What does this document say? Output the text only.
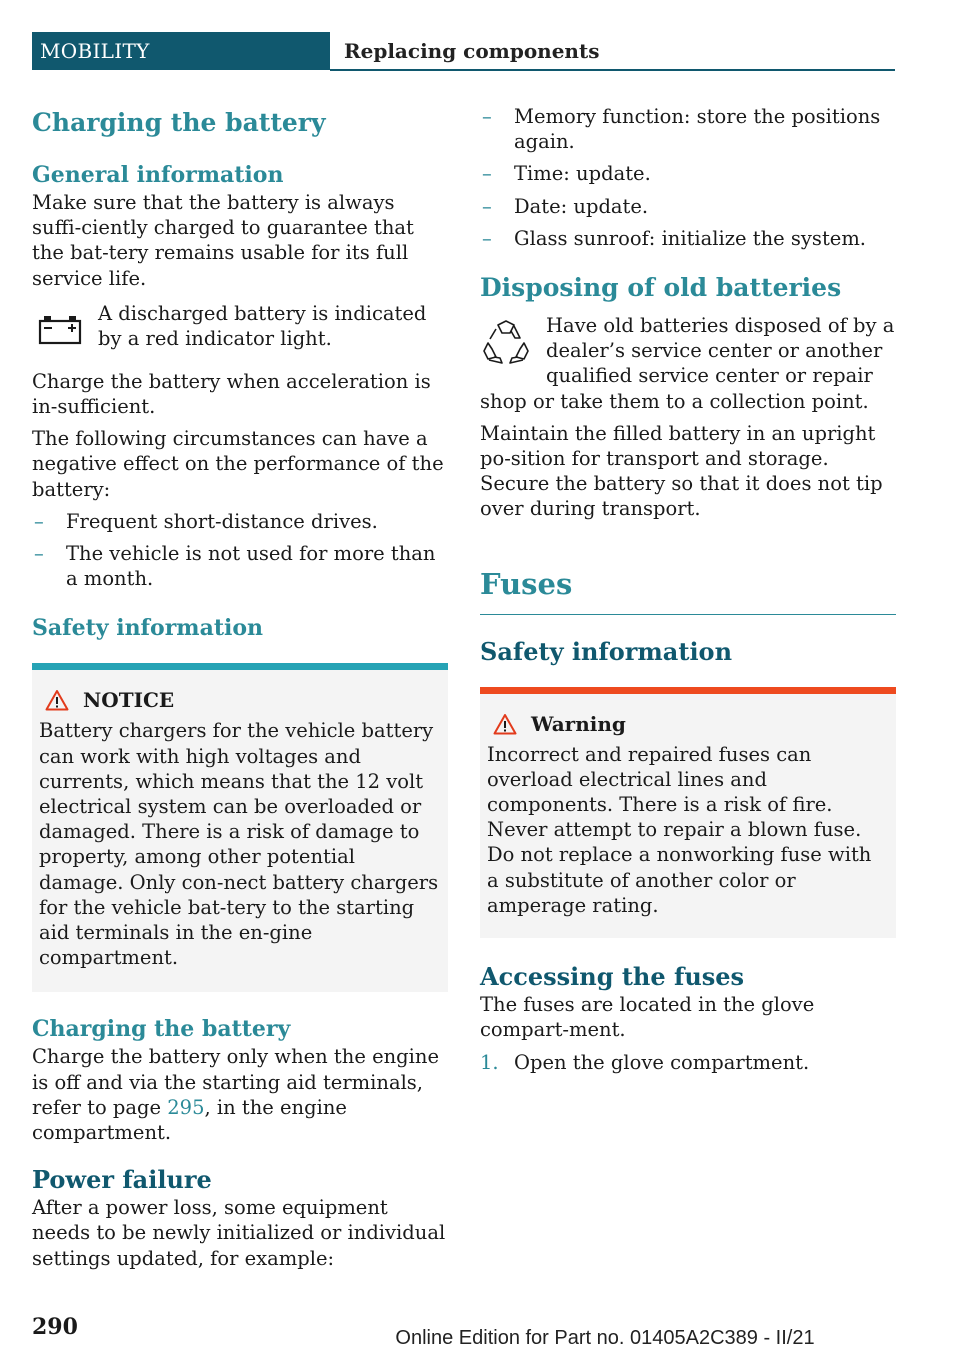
MOBILITY	Replacing components
Charging the battery
General information
Make sure that the battery is always suffi-ciently charged to guarantee that the bat-tery remains usable for its full service life.
A discharged battery is indicated by a red indicator light.
Charge the battery when acceleration is in-sufficient.
The following circumstances can have a negative effect on the performance of the battery:
– Frequent short-distance drives.
– The vehicle is not used for more than a month.
Safety information
NOTICE
Battery chargers for the vehicle battery can work with high voltages and currents, which means that the 12 volt electrical system can be overloaded or damaged. There is a risk of damage to property, among other potential damage. Only con-nect battery chargers for the vehicle bat-tery to the starting aid terminals in the en-gine compartment.
Charging the battery
Charge the battery only when the engine is off and via the starting aid terminals, refer to page 295, in the engine compartment.
Power failure
After a power loss, some equipment needs to be newly initialized or individual settings updated, for example:
– Memory function: store the positions again.
– Time: update.
– Date: update.
– Glass sunroof: initialize the system.
Disposing of old batteries
Have old batteries disposed of by a dealer’s service center or another qualified service center or repair shop or take them to a collection point.
Maintain the filled battery in an upright po-sition for transport and storage. Secure the battery so that it does not tip over during transport.
Fuses
Safety information
Warning
Incorrect and repaired fuses can overload electrical lines and components. There is a risk of fire. Never attempt to repair a blown fuse. Do not replace a nonworking fuse with a substitute of another color or amperage rating.
Accessing the fuses
The fuses are located in the glove compart-ment.
1. Open the glove compartment.
290	Online Edition for Part no. 01405A2C389 - II/21
